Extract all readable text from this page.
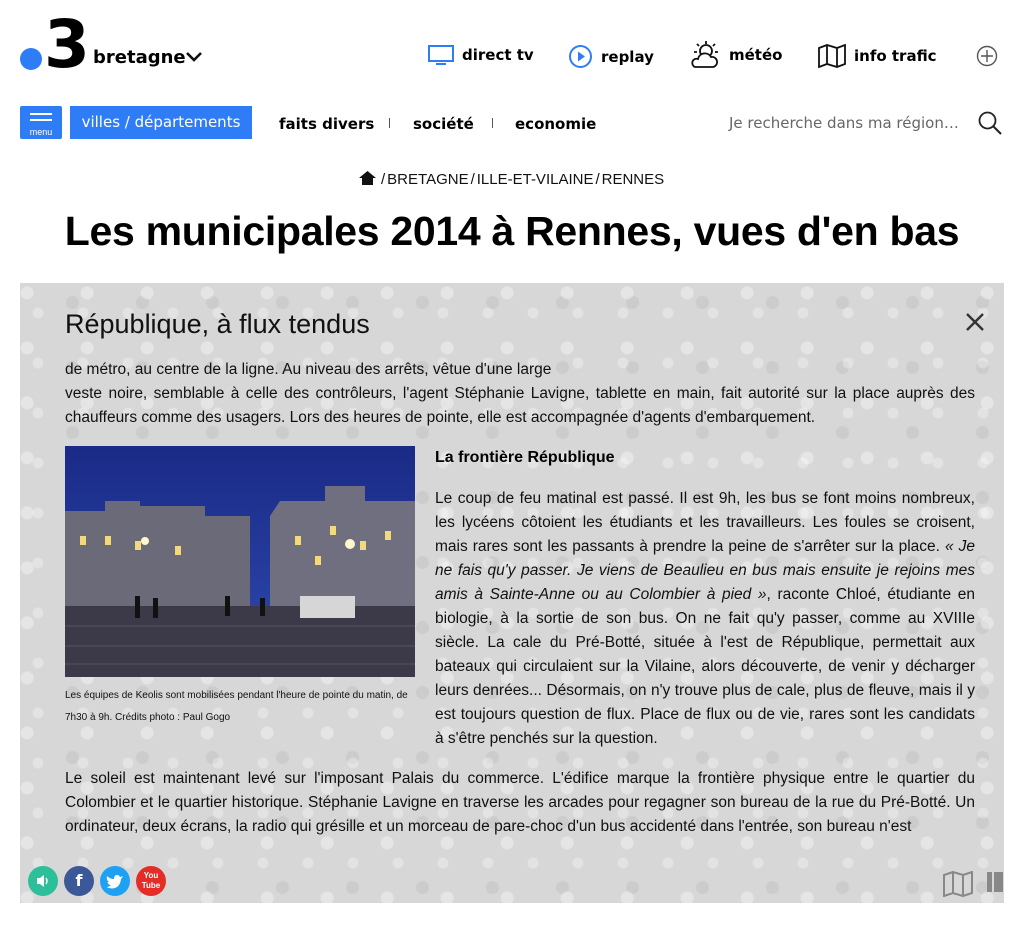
3 bretagne	direct tv	replay	météo	info trafic
menu
villes / départements	faits divers	société	economie	Je recherche dans ma région…
/ BRETAGNE / ILLE-ET-VILAINE / RENNES
Les municipales 2014 à Rennes, vues d'en bas
République, à flux tendus
de métro, au centre de la ligne. Au niveau des arrêts, vêtue d'une large
veste noire, semblable à celle des contrôleurs, l'agent Stéphanie Lavigne, tablette en main, fait autorité sur la place auprès des chauffeurs comme des usagers. Lors des heures de pointe, elle est accompagnée d'agents d'embarquement.
Les équipes de Keolis sont mobilisées pendant l'heure de pointe du matin, de 7h30 à 9h. Crédits photo : Paul Gogo
La frontière République
Le coup de feu matinal est passé. Il est 9h, les bus se font moins nombreux, les lycéens côtoient les étudiants et les travailleurs. Les foules se croisent, mais rares sont les passants à prendre la peine de s'arrêter sur la place. « Je ne fais qu'y passer. Je viens de Beaulieu en bus mais ensuite je rejoins mes amis à Sainte-Anne ou au Colombier à pied », raconte Chloé, étudiante en biologie, à la sortie de son bus. On ne fait qu'y passer, comme au XVIIIe siècle. La cale du Pré-Botté, située à l'est de République, permettait aux bateaux qui circulaient sur la Vilaine, alors découverte, de venir y décharger leurs denrées... Désormais, on n'y trouve plus de cale, plus de fleuve, mais il y est toujours question de flux. Place de flux ou de vie, rares sont les candidats à s'être penchés sur la question.
Le soleil est maintenant levé sur l'imposant Palais du commerce. L'édifice marque la frontière physique entre le quartier du Colombier et le quartier historique. Stéphanie Lavigne en traverse les arcades pour regagner son bureau de la rue du Pré-Botté. Un ordinateur, deux écrans, la radio qui grésille et un morceau de pare-choc d'un bus accidenté dans l'entrée, son bureau n'est
f	You
Tube
